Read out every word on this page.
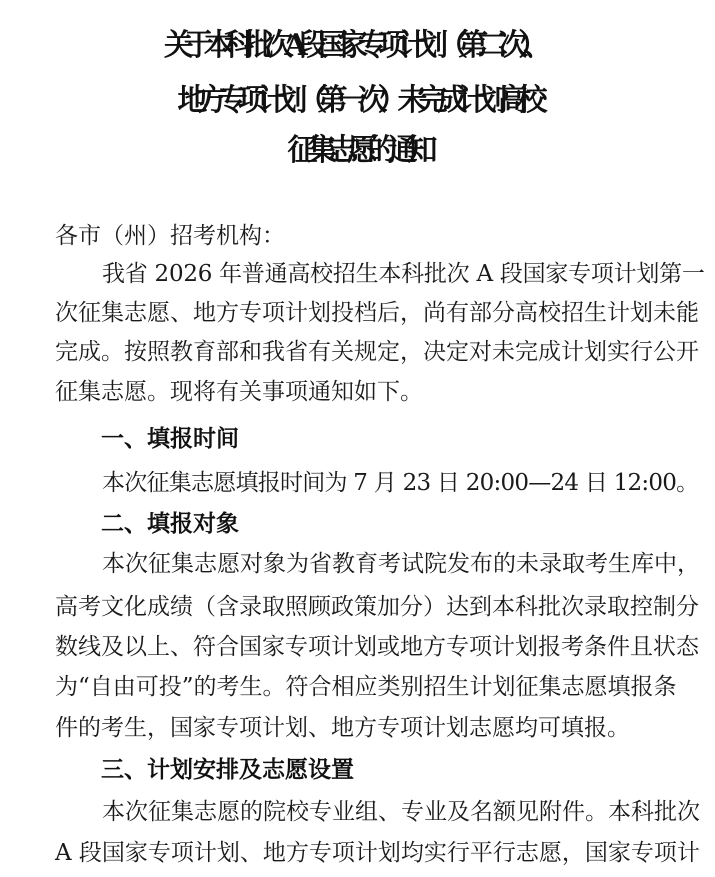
关于本科批次 A 段国家专项计划（第二次）、
地方专项计划（第一次）未完成计划高校
征集志愿的通知
各市（州）招考机构：
我省 2026 年普通高校招生本科批次 A 段国家专项计划第一
次征集志愿、地方专项计划投档后，尚有部分高校招生计划未能
完成。按照教育部和我省有关规定，决定对未完成计划实行公开
征集志愿。现将有关事项通知如下。
一、填报时间
本次征集志愿填报时间为 7 月 23 日 20:00—24 日 12:00。
二、填报对象
本次征集志愿对象为省教育考试院发布的未录取考生库中，
高考文化成绩（含录取照顾政策加分）达到本科批次录取控制分
数线及以上、符合国家专项计划或地方专项计划报考条件且状态
为“自由可投”的考生。符合相应类别招生计划征集志愿填报条
件的考生，国家专项计划、地方专项计划志愿均可填报。
三、计划安排及志愿设置
本次征集志愿的院校专业组、专业及名额见附件。本科批次
A 段国家专项计划、地方专项计划均实行平行志愿，国家专项计
